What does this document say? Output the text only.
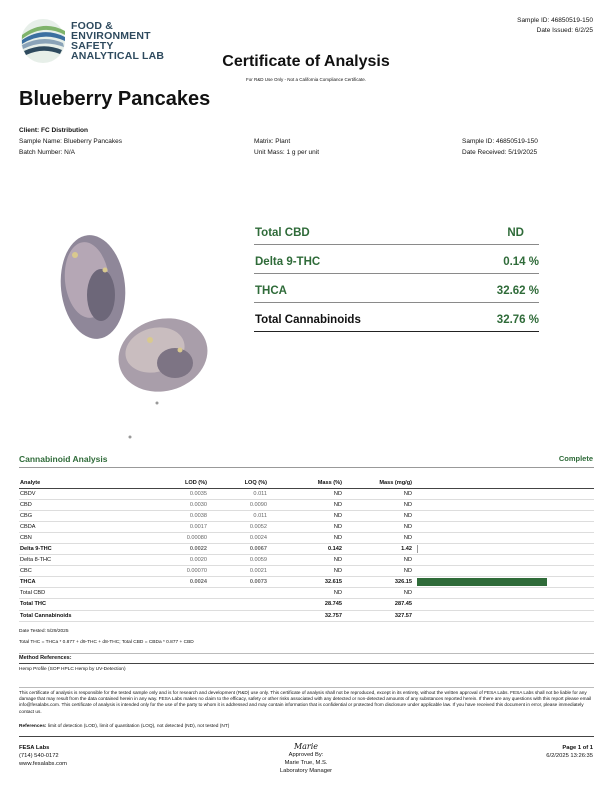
FOOD &
ENVIRONMENT
SAFETY
ANALYTICAL LAB
Sample ID: 46850519-150
Date Issued: 6/2/25
Certificate of Analysis
For R&D Use Only - Not a California Compliance Certificate.
Blueberry Pancakes
Client: FC Distribution
Sample Name: Blueberry Pancakes
Batch Number: N/A
Matrix: Plant
Unit Mass: 1 g per unit
Sample ID: 46850519-150
Date Received: 5/19/2025
Total CBD	ND
Delta 9-THC	0.14 %
THCA	32.62 %
Total Cannabinoids	32.76 %
Cannabinoid Analysis	Complete
Analyte	LOD (%)	LOQ (%)	Mass (%)	Mass (mg/g)	
CBDV	0.0035	0.011	ND	ND	
CBD	0.0030	0.0090	ND	ND	
CBG	0.0038	0.011	ND	ND	
CBDA	0.0017	0.0052	ND	ND	
CBN	0.00080	0.0024	ND	ND	
Delta 9-THC	0.0022	0.0067	0.142	1.42	

Delta 8-THC	0.0020	0.0059	ND	ND	
CBC	0.00070	0.0021	ND	ND	
THCA	0.0024	0.0073	32.615	326.15	

Total CBD			ND	ND	
Total THC			28.745	287.45	
Total Cannabinoids			32.757	327.57	
Date Tested: 5/29/2025
Total THC = THCa * 0.877 + d9-THC + d8-THC; Total CBD = CBDa * 0.877 + CBD
Method References:
Hemp Profile (SOP HPLC Hemp by UV-Detection)
This certificate of analysis is responsible for the tested sample only and is for research and development (R&D) use only. This certificate of analysis shall not be reproduced, except in its entirety, without the written approval of FESA Labs. FESA Labs shall not be liable for any damage that may result from the data contained herein in any way. FESA Labs makes no claim to the efficacy, safety or other risks associated with any detected or non-detected amounts of any substances reported herein. If there are any questions with this report please email info@fesalabs.com. This certificate of analysis is intended only for the use of the party to whom it is addressed and may contain information that is confidential or protected from disclosure under applicable law. If you have received this document in error, please immediately contact us.
References: limit of detection (LOD), limit of quantitation (LOQ), not detected (ND), not tested (NT)
FESA Labs
(714) 540-0172
www.fesalabs.com
Marie
Approved By:
Marie True, M.S.
Laboratory Manager
Page 1 of 1
6/2/2025 13:26:35
